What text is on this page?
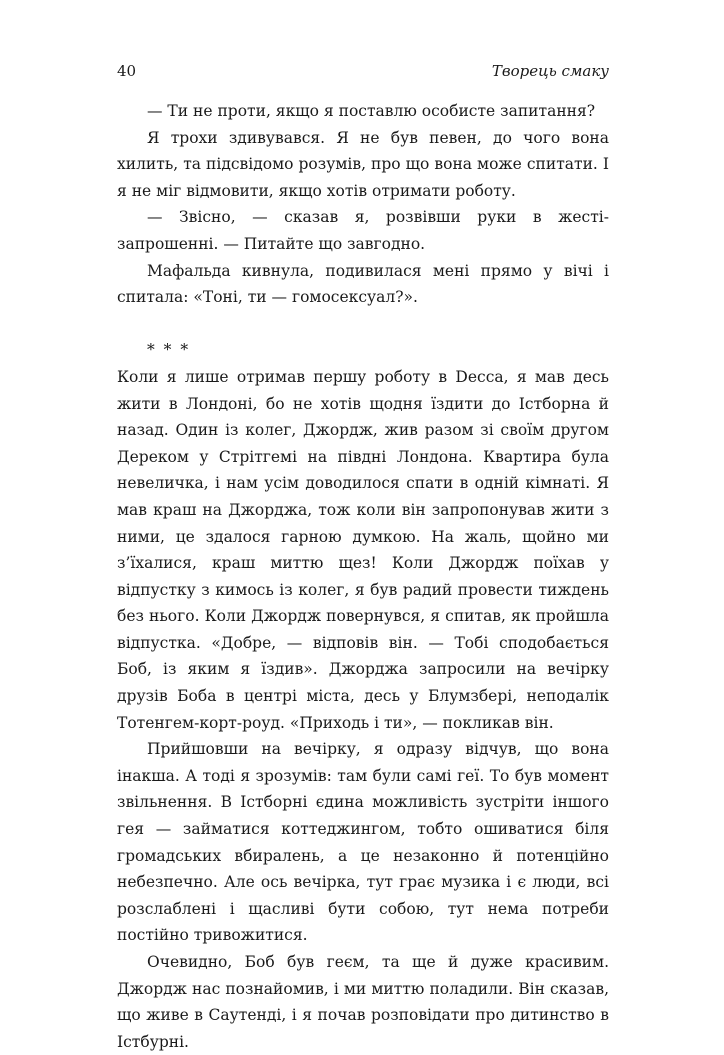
40	Творець смаку

— Ти не проти, якщо я поставлю особисте запитання?

Я трохи здивувався. Я не був певен, до чого вона хилить, та підсвідомо розумів, про що вона може спитати. І я не міг відмовити, якщо хотів отримати роботу.

— Звісно, — сказав я, розвівши руки в жесті-запрошенні. — Питайте що завгодно.

Мафальда кивнула, подивилася мені прямо у вічі і спитала: «Тоні, ти — гомосексуал?».

* * *

Коли я лише отримав першу роботу в Decca, я мав десь жити в Лондоні, бо не хотів щодня їздити до Істборна й назад. Один із колег, Джордж, жив разом зі своїм другом Дереком у Стрітгемі на півдні Лондона. Квартира була невеличка, і нам усім доводилося спати в одній кімнаті. Я мав краш на Джорджа, тож коли він запропонував жити з ними, це здалося гарною думкою. На жаль, щойно ми з’їхалися, краш миттю щез! Коли Джордж поїхав у відпустку з кимось із колег, я був радий провести тиждень без нього. Коли Джордж повернувся, я спитав, як пройшла відпустка. «Добре, — відповів він. — Тобі сподобається Боб, із яким я їздив». Джорджа запросили на вечірку друзів Боба в центрі міста, десь у Блумзбері, неподалік Тотенгем-корт-роуд. «Приходь і ти», — покликав він.

Прийшовши на вечірку, я одразу відчув, що вона інакша. А тоді я зрозумів: там були самі геї. То був момент звільнення. В Істборні єдина можливість зустріти іншого гея — займатися коттеджингом, тобто ошиватися біля громадських вбиралень, а це незаконно й потенційно небезпечно. Але ось вечірка, тут грає музика і є люди, всі розслаблені і щасливі бути собою, тут нема потреби постійно тривожитися.

Очевидно, Боб був геєм, та ще й дуже красивим. Джордж нас познайомив, і ми миттю поладили. Він сказав, що живе в Саутенді, і я почав розповідати про дитинство в Істбурні.
